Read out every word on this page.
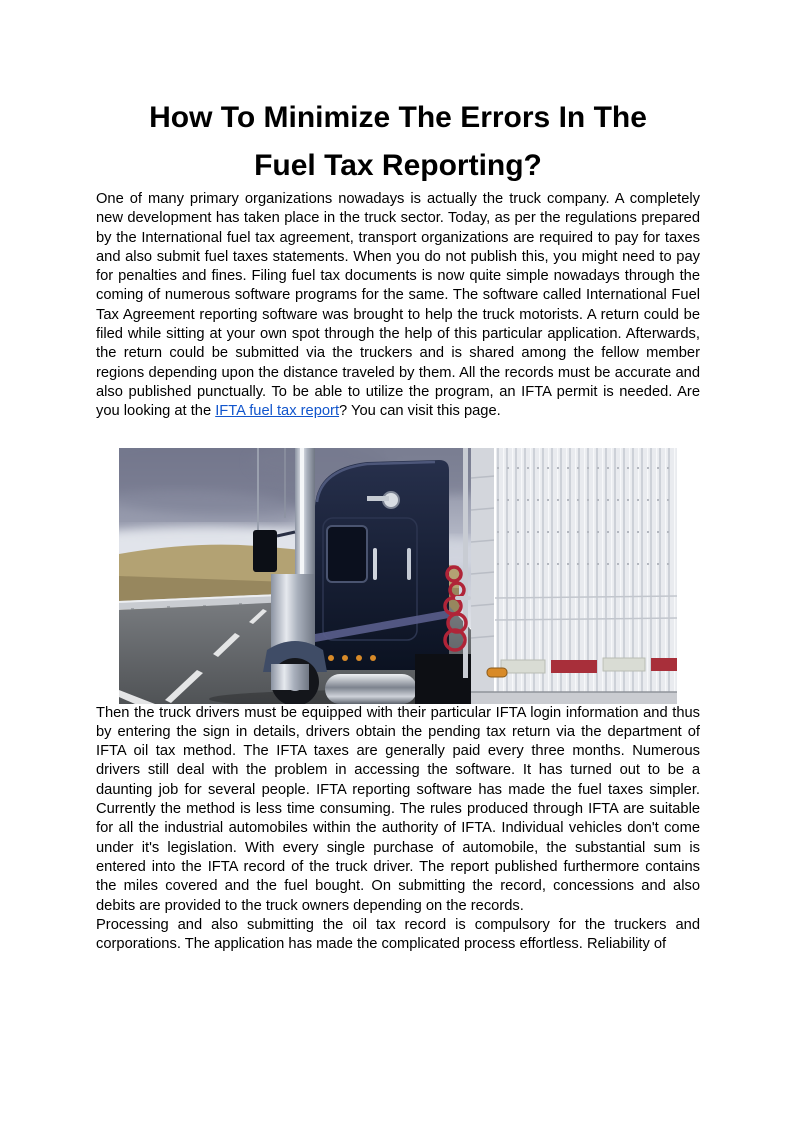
How To Minimize The Errors In The
Fuel Tax Reporting?

One of many primary organizations nowadays is actually the truck company. A completely new development has taken place in the truck sector. Today, as per the regulations prepared by the International fuel tax agreement, transport organizations are required to pay for taxes and also submit fuel taxes statements. When you do not publish this, you might need to pay for penalties and fines. Filing fuel tax documents is now quite simple nowadays through the coming of numerous software programs for the same. The software called International Fuel Tax Agreement reporting software was brought to help the truck motorists. A return could be filed while sitting at your own spot through the help of this particular application. Afterwards, the return could be submitted via the truckers and is shared among the fellow member regions depending upon the distance traveled by them. All the records must be accurate and also published punctually. To be able to utilize the program, an IFTA permit is needed. Are you looking at the IFTA fuel tax report? You can visit this page.

Then the truck drivers must be equipped with their particular IFTA login information and thus by entering the sign in details, drivers obtain the pending tax return via the department of IFTA oil tax method. The IFTA taxes are generally paid every three months. Numerous drivers still deal with the problem in accessing the software. It has turned out to be a daunting job for several people. IFTA reporting software has made the fuel taxes simpler. Currently the method is less time consuming. The rules produced through IFTA are suitable for all the industrial automobiles within the authority of IFTA. Individual vehicles don't come under it's legislation. With every single purchase of automobile, the substantial sum is entered into the IFTA record of the truck driver. The report published furthermore contains the miles covered and the fuel bought. On submitting the record, concessions and also debits are provided to the truck owners depending on the records.

Processing and also submitting the oil tax record is compulsory for the truckers and corporations. The application has made the complicated process effortless. Reliability of
